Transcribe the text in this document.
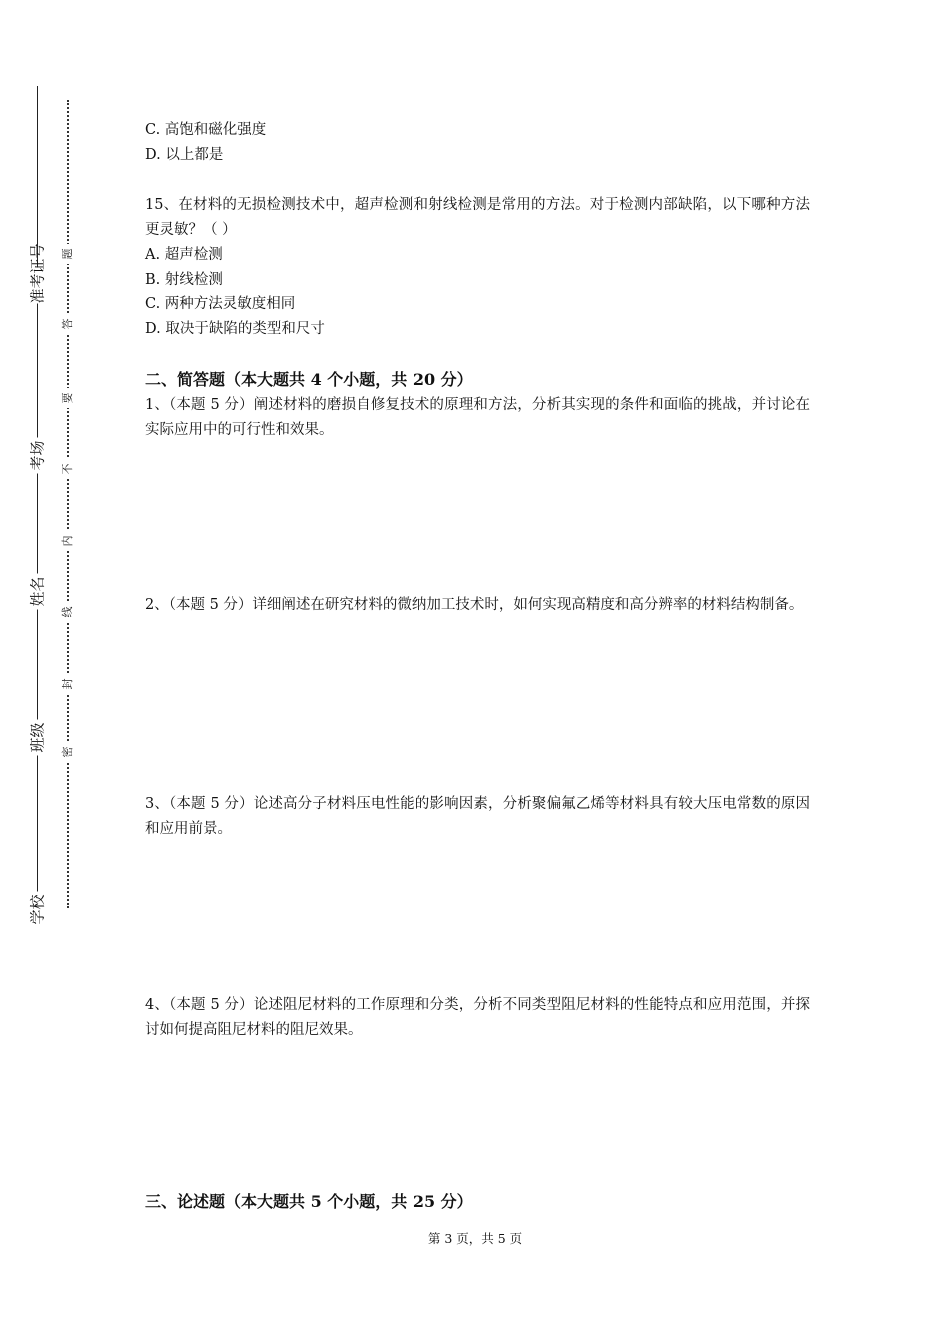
准考证号
考场
姓名
班级
学校
题
答
要
不
内
线
封
密
C. 高饱和磁化强度
D. 以上都是
15、在材料的无损检测技术中，超声检测和射线检测是常用的方法。对于检测内部缺陷，以下哪种方法更灵敏？（ ）
A. 超声检测
B. 射线检测
C. 两种方法灵敏度相同
D. 取决于缺陷的类型和尺寸
二、简答题（本大题共 4 个小题，共 20 分）
1、（本题 5 分）阐述材料的磨损自修复技术的原理和方法，分析其实现的条件和面临的挑战，并讨论在实际应用中的可行性和效果。
2、（本题 5 分）详细阐述在研究材料的微纳加工技术时，如何实现高精度和高分辨率的材料结构制备。
3、（本题 5 分）论述高分子材料压电性能的影响因素，分析聚偏氟乙烯等材料具有较大压电常数的原因和应用前景。
4、（本题 5 分）论述阻尼材料的工作原理和分类，分析不同类型阻尼材料的性能特点和应用范围，并探讨如何提高阻尼材料的阻尼效果。
三、论述题（本大题共 5 个小题，共 25 分）
第 3 页，共 5 页
